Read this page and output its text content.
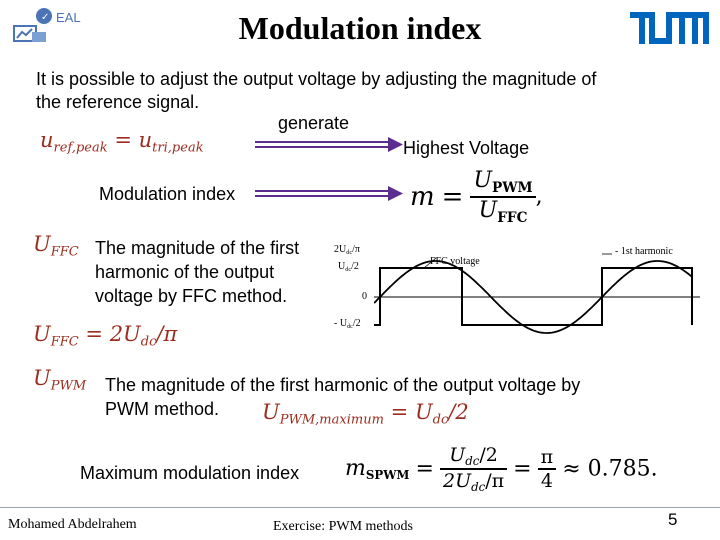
✓ EAL	Modulation index
It is possible to adjust the output voltage by adjusting the magnitude of
the reference signal.
$u_{ref,peak} = u_{tri,peak}$
generate
Highest Voltage
Modulation index	$m = \frac{U_{PWM}}{U_{FFC}}$ ,
$U_{FFC}$ The magnitude of the first
harmonic of the output
voltage by FFC method.
$U_{FFC} = 2U_{dc}/\pi$
$2U_{dc}/\pi$
$U_{dc}/2$
0
- $U_{dc}/2$
FFC voltage
- 1st harmonic
$U_{PWM}$ The magnitude of the first harmonic of the output voltage by
PWM method. $U_{PWM,maximum} = U_{dc}/2$
Maximum modulation index $m_{SPWM} = \frac{U_{dc}/2}{2U_{dc}/\pi} = \frac{\pi}{4} \approx 0.785$.
Mohamed Abdelrahem	Exercise: PWM methods	5
